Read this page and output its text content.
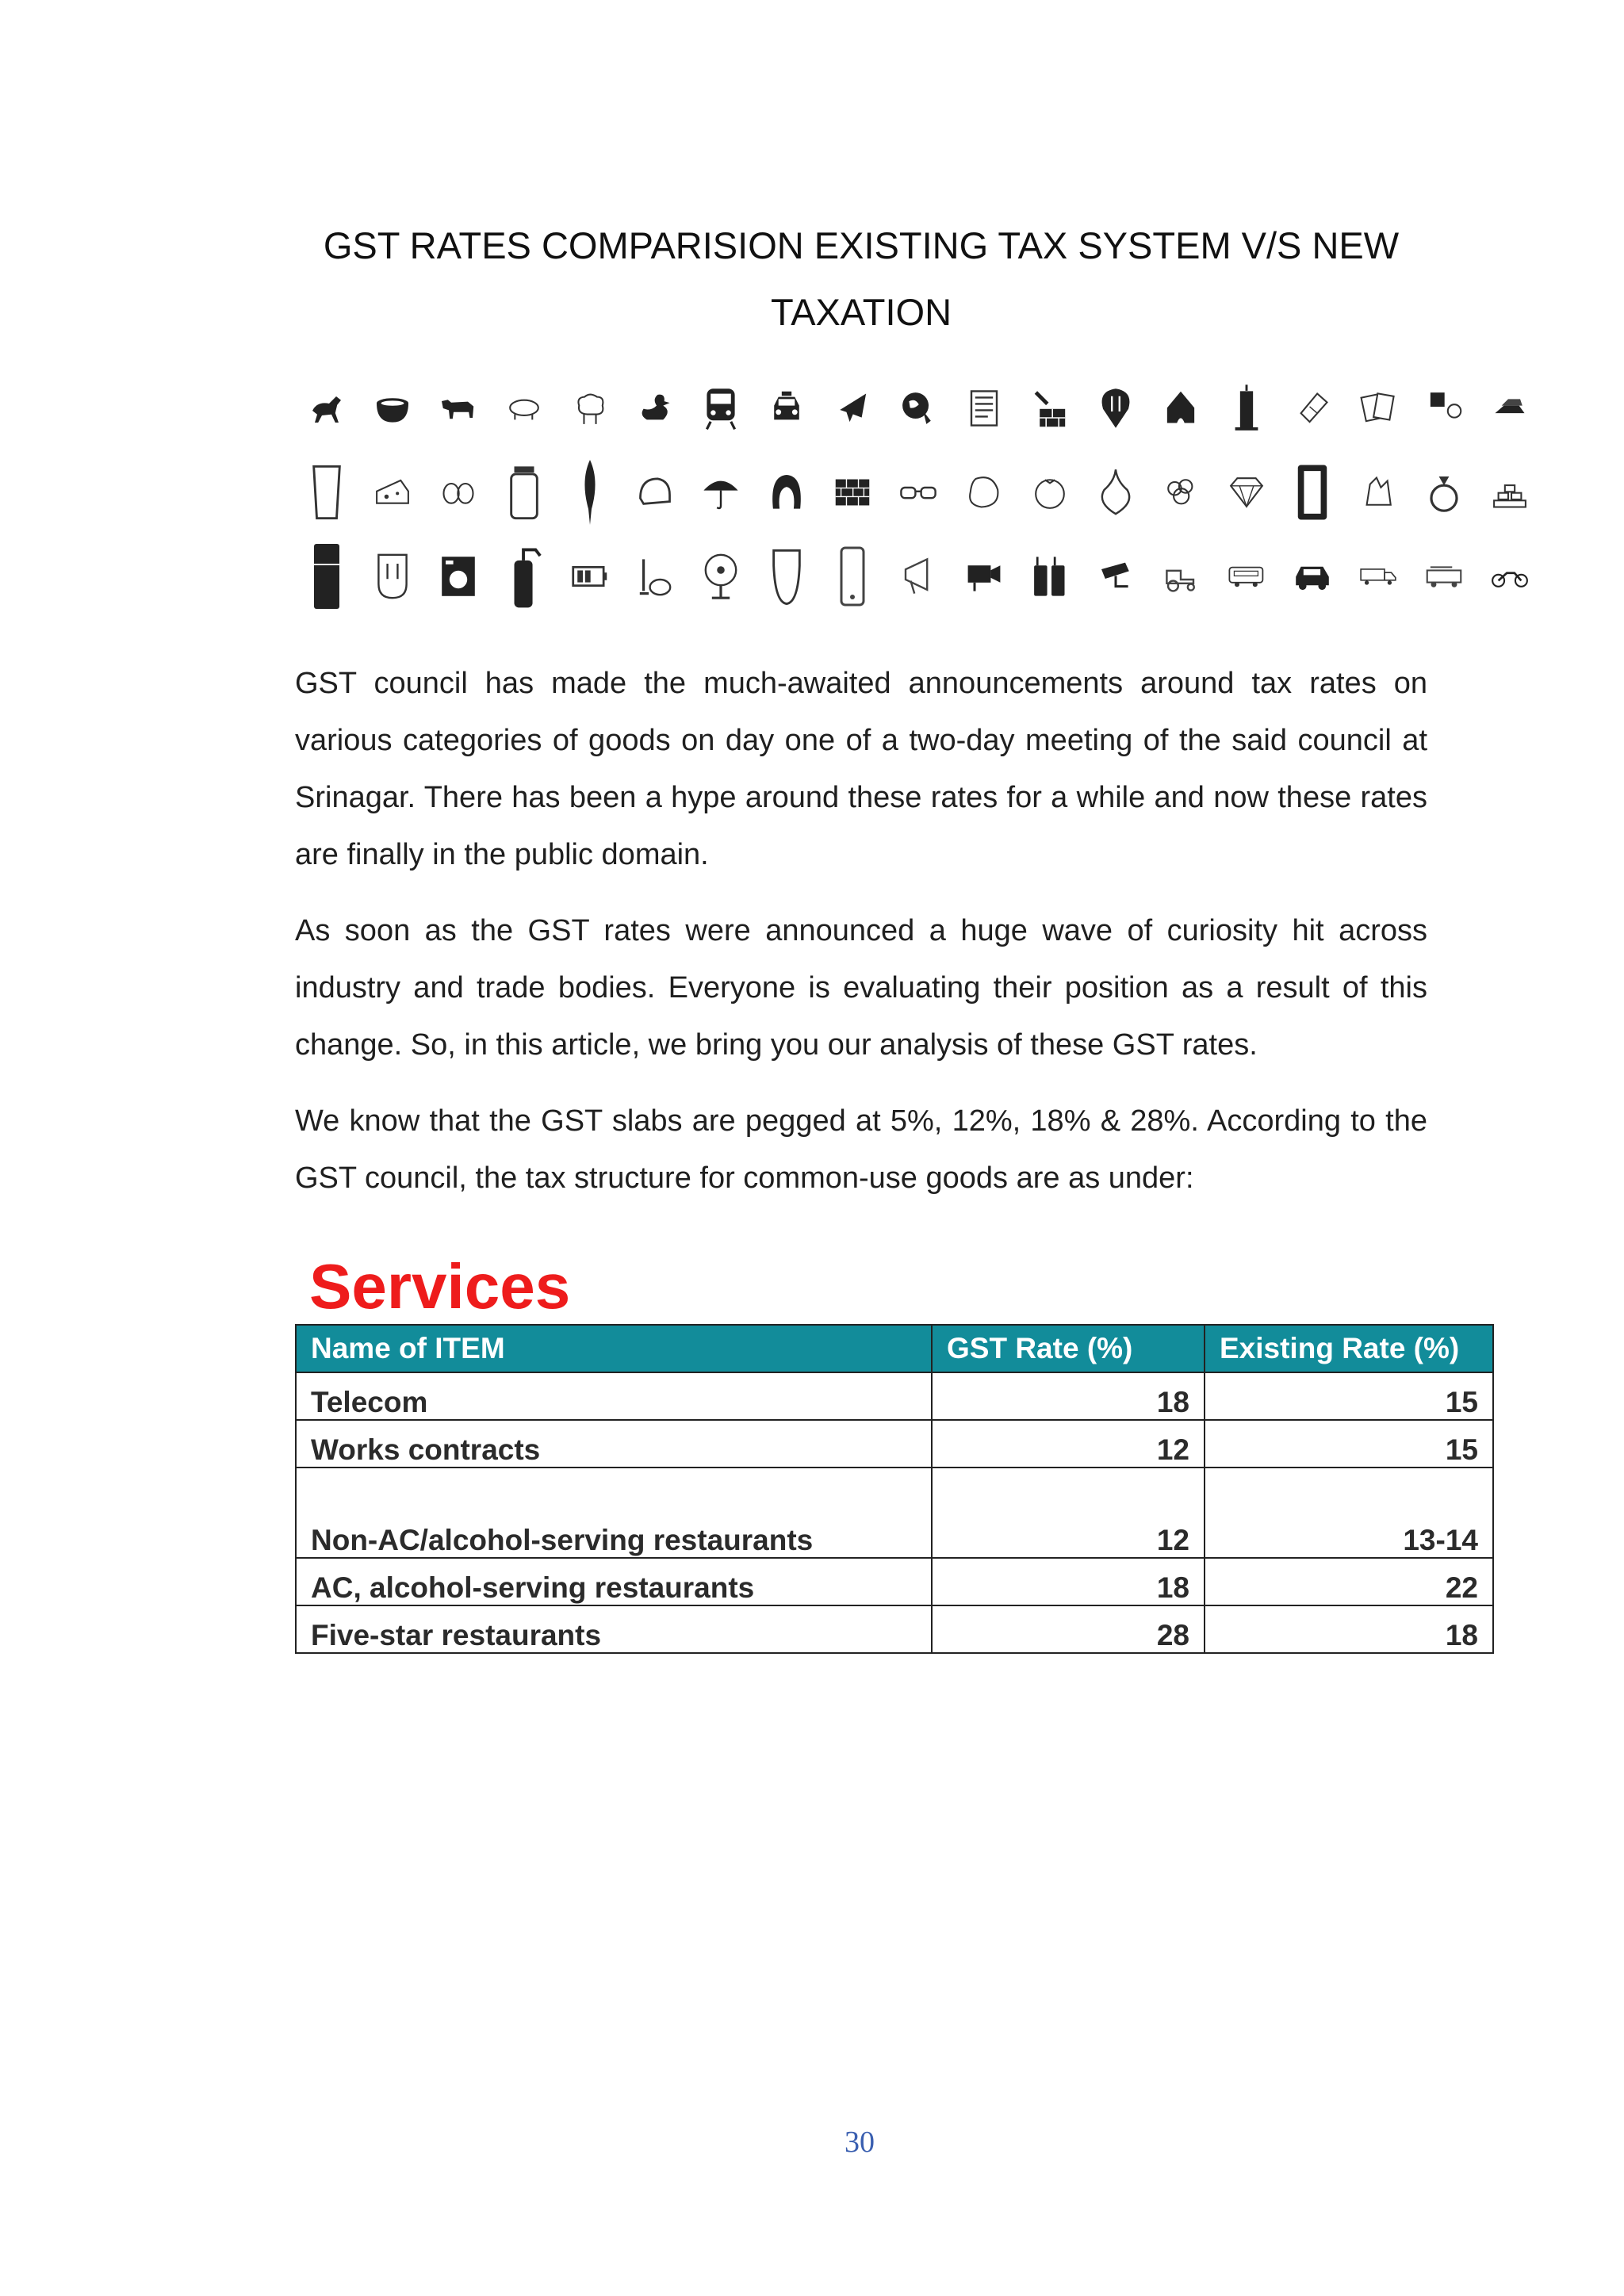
GST RATES COMPARISION EXISTING TAX SYSTEM V/S NEW TAXATION

GST council has made the much-awaited announcements around tax rates on various categories of goods on day one of a two-day meeting of the said council at Srinagar. There has been a hype around these rates for a while and now these rates are finally in the public domain.

As soon as the GST rates were announced a huge wave of curiosity hit across industry and trade bodies. Everyone is evaluating their position as a result of this change. So, in this article, we bring you our analysis of these GST rates.

We know that the GST slabs are pegged at 5%, 12%, 18% & 28%. According to the GST council, the tax structure for common-use goods are as under:

Services
Name of ITEM	GST Rate (%)	Existing Rate (%)
Telecom	18	15
Works contracts	12	15
Non-AC/alcohol-serving restaurants	12	13-14
AC, alcohol-serving restaurants	18	22
Five-star restaurants	28	18
30
